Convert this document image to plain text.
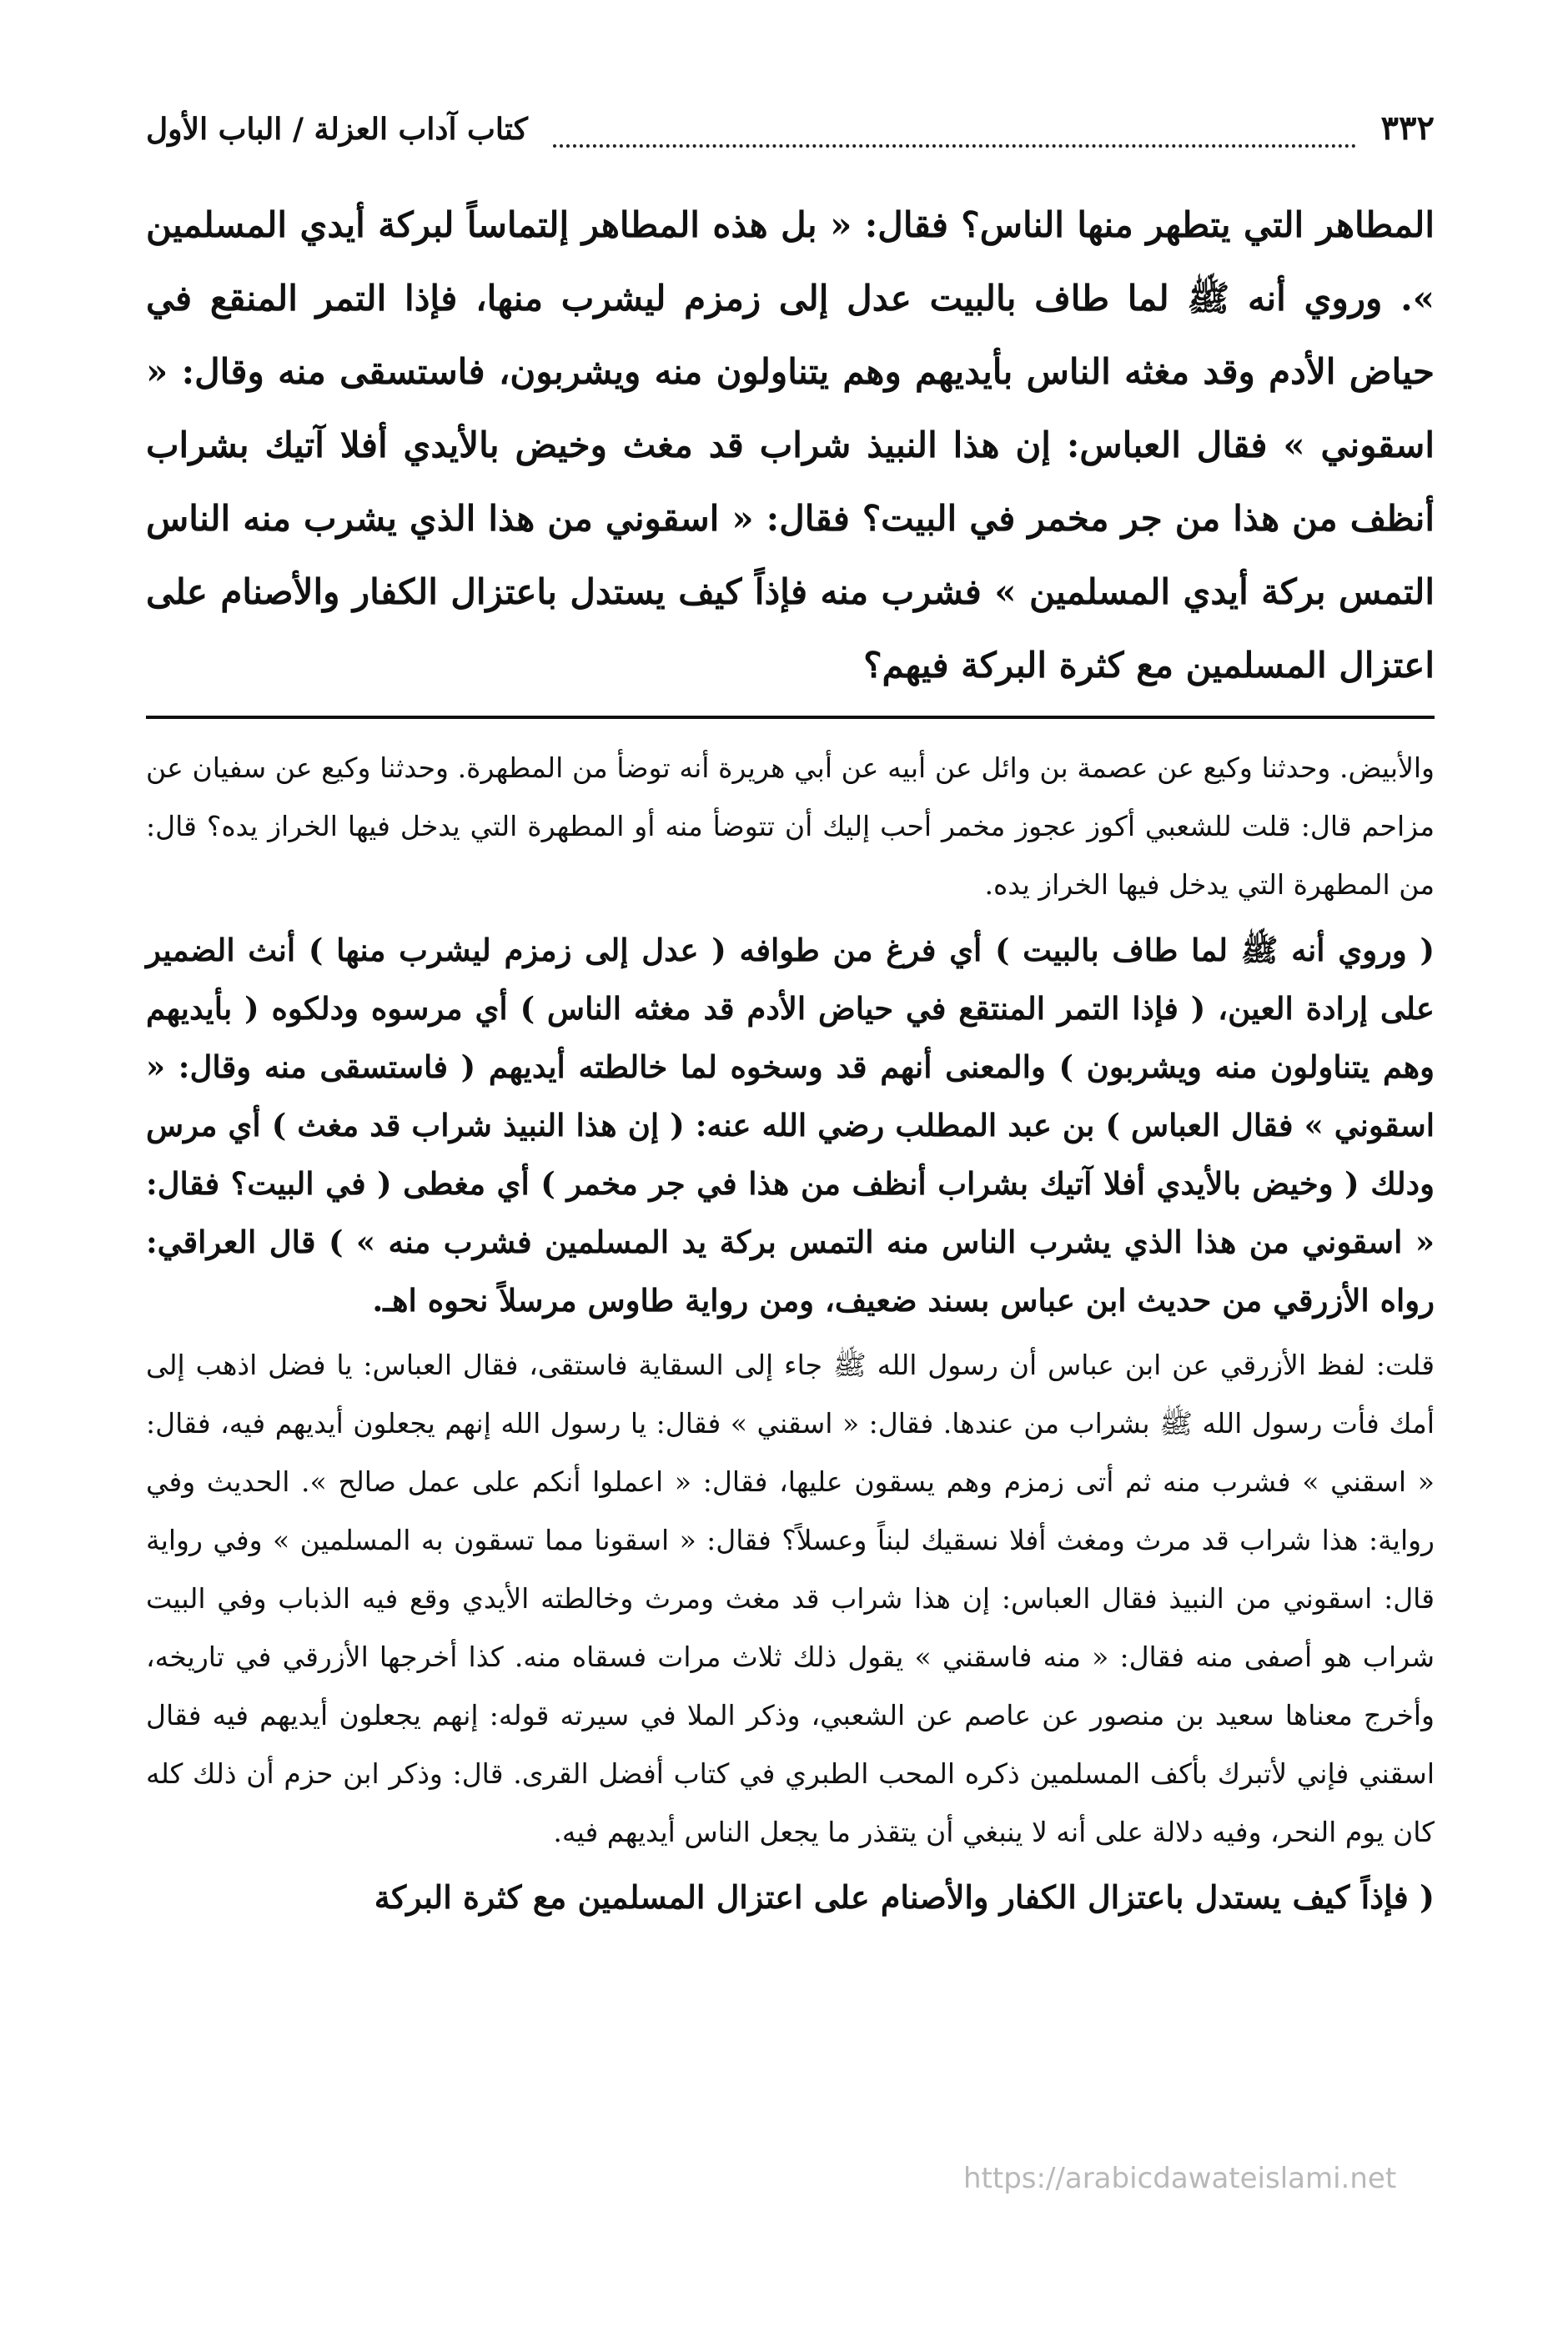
٣٣٢
كتاب آداب العزلة / الباب الأول

المطاهر التي يتطهر منها الناس؟ فقال: « بل هذه المطاهر إلتماساً لبركة أيدي المسلمين ». وروي أنه ﷺ لما طاف بالبيت عدل إلى زمزم ليشرب منها، فإذا التمر المنقع في حياض الأدم وقد مغثه الناس بأيديهم وهم يتناولون منه ويشربون، فاستسقى منه وقال: « اسقوني » فقال العباس: إن هذا النبيذ شراب قد مغث وخيض بالأيدي أفلا آتيك بشراب أنظف من هذا من جر مخمر في البيت؟ فقال: « اسقوني من هذا الذي يشرب منه الناس التمس بركة أيدي المسلمين » فشرب منه فإذاً كيف يستدل باعتزال الكفار والأصنام على اعتزال المسلمين مع كثرة البركة فيهم؟

والأبيض. وحدثنا وكيع عن عصمة بن وائل عن أبيه عن أبي هريرة أنه توضأ من المطهرة. وحدثنا وكيع عن سفيان عن مزاحم قال: قلت للشعبي أكوز عجوز مخمر أحب إليك أن تتوضأ منه أو المطهرة التي يدخل فيها الخراز يده؟ قال: من المطهرة التي يدخل فيها الخراز يده.

( وروي أنه ﷺ لما طاف بالبيت ) أي فرغ من طوافه ( عدل إلى زمزم ليشرب منها ) أنث الضمير على إرادة العين، ( فإذا التمر المنتقع في حياض الأدم قد مغثه الناس ) أي مرسوه ودلكوه ( بأيديهم وهم يتناولون منه ويشربون ) والمعنى أنهم قد وسخوه لما خالطته أيديهم ( فاستسقى منه وقال: « اسقوني » فقال العباس ) بن عبد المطلب رضي الله عنه: ( إن هذا النبيذ شراب قد مغث ) أي مرس ودلك ( وخيض بالأيدي أفلا آتيك بشراب أنظف من هذا في جر مخمر ) أي مغطى ( في البيت؟ فقال: « اسقوني من هذا الذي يشرب الناس منه التمس بركة يد المسلمين فشرب منه » ) قال العراقي: رواه الأزرقي من حديث ابن عباس بسند ضعيف، ومن رواية طاوس مرسلاً نحوه اهـ.

قلت: لفظ الأزرقي عن ابن عباس أن رسول الله ﷺ جاء إلى السقاية فاستقى، فقال العباس: يا فضل اذهب إلى أمك فأت رسول الله ﷺ بشراب من عندها. فقال: « اسقني » فقال: يا رسول الله إنهم يجعلون أيديهم فيه، فقال: « اسقني » فشرب منه ثم أتى زمزم وهم يسقون عليها، فقال: « اعملوا أنكم على عمل صالح ». الحديث وفي رواية: هذا شراب قد مرث ومغث أفلا نسقيك لبناً وعسلاً؟ فقال: « اسقونا مما تسقون به المسلمين » وفي رواية قال: اسقوني من النبيذ فقال العباس: إن هذا شراب قد مغث ومرث وخالطته الأيدي وقع فيه الذباب وفي البيت شراب هو أصفى منه فقال: « منه فاسقني » يقول ذلك ثلاث مرات فسقاه منه. كذا أخرجها الأزرقي في تاريخه، وأخرج معناها سعيد بن منصور عن عاصم عن الشعبي، وذكر الملا في سيرته قوله: إنهم يجعلون أيديهم فيه فقال اسقني فإني لأتبرك بأكف المسلمين ذكره المحب الطبري في كتاب أفضل القرى. قال: وذكر ابن حزم أن ذلك كله كان يوم النحر، وفيه دلالة على أنه لا ينبغي أن يتقذر ما يجعل الناس أيديهم فيه.

( فإذاً كيف يستدل باعتزال الكفار والأصنام على اعتزال المسلمين مع كثرة البركة

https://arabicdawateislami.net
